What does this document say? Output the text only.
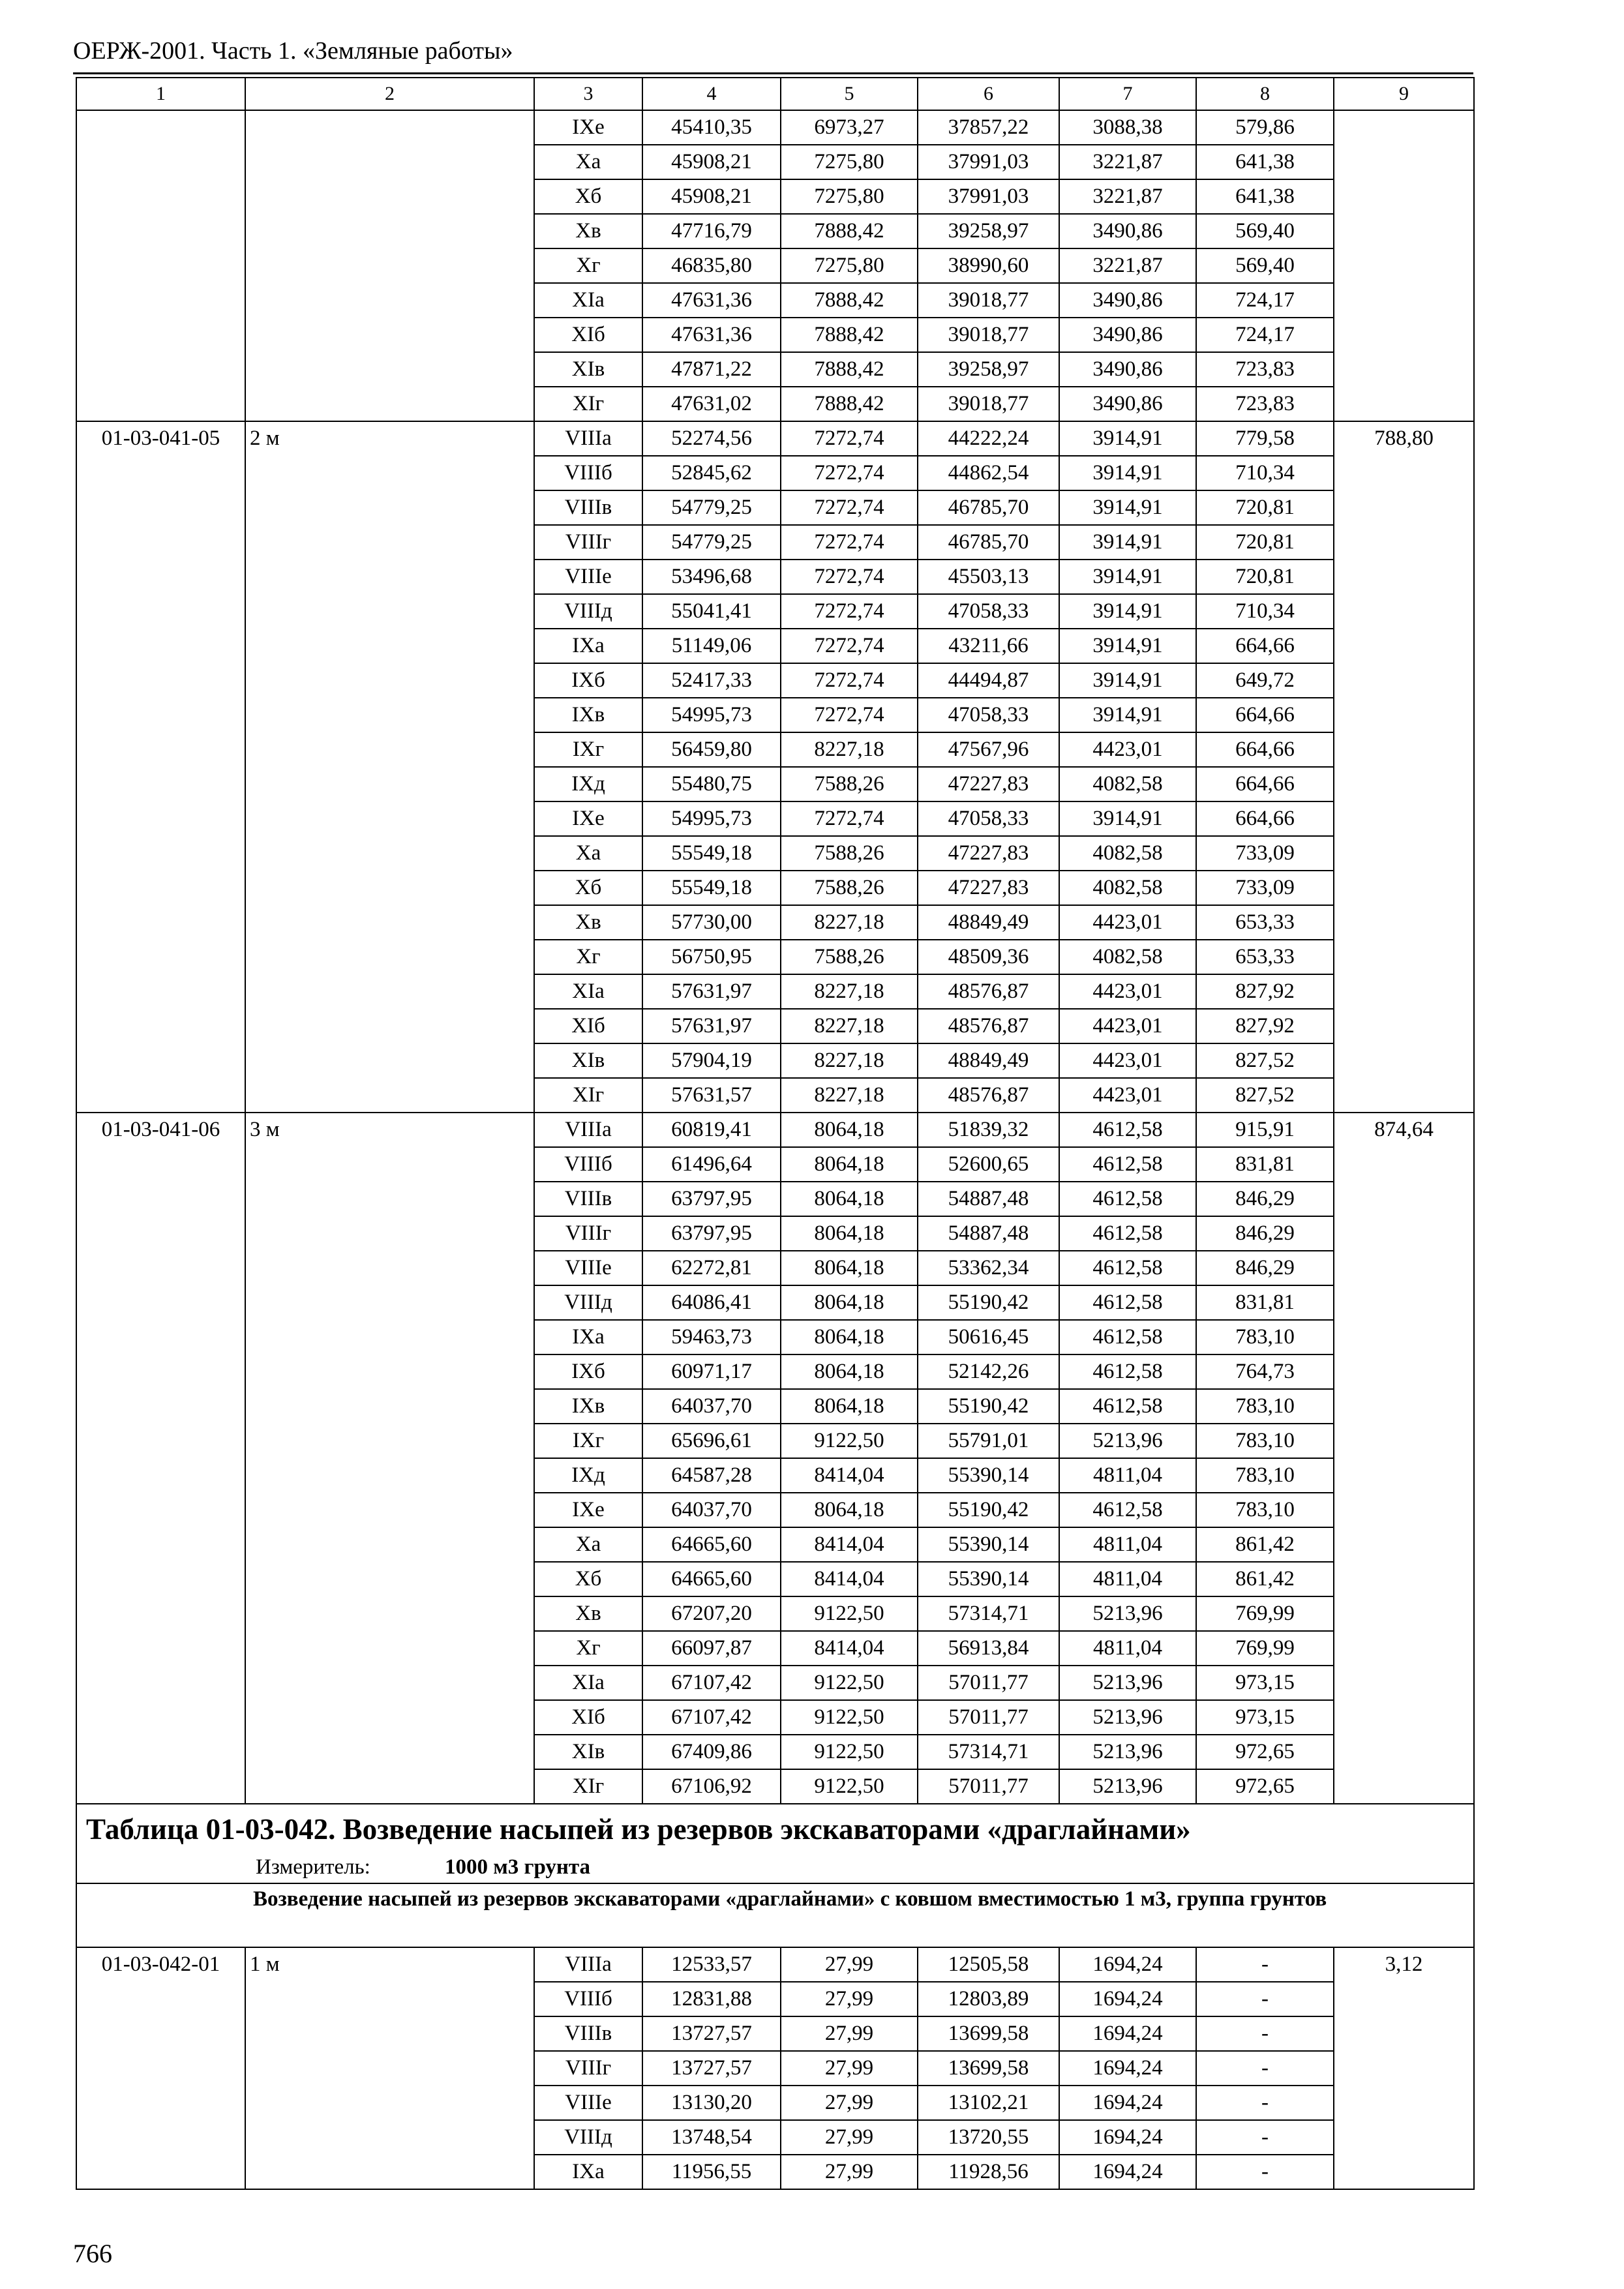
ОЕРЖ-2001. Часть 1. «Земляные работы»
1	2	3	4	5	6	7	8	9
		IXe	45410,35	6973,27	37857,22	3088,38	579,86	
		Xa	45908,21	7275,80	37991,03	3221,87	641,38	
		Xб	45908,21	7275,80	37991,03	3221,87	641,38	
		Xв	47716,79	7888,42	39258,97	3490,86	569,40	
		Xг	46835,80	7275,80	38990,60	3221,87	569,40	
		XIa	47631,36	7888,42	39018,77	3490,86	724,17	
		XIб	47631,36	7888,42	39018,77	3490,86	724,17	
		XIв	47871,22	7888,42	39258,97	3490,86	723,83	
		XIг	47631,02	7888,42	39018,77	3490,86	723,83	
01-03-041-05	2 м	VIIIa	52274,56	7272,74	44222,24	3914,91	779,58	788,80
		VIIIб	52845,62	7272,74	44862,54	3914,91	710,34	
		VIIIв	54779,25	7272,74	46785,70	3914,91	720,81	
		VIIIг	54779,25	7272,74	46785,70	3914,91	720,81	
		VIIIe	53496,68	7272,74	45503,13	3914,91	720,81	
		VIIIд	55041,41	7272,74	47058,33	3914,91	710,34	
		IXa	51149,06	7272,74	43211,66	3914,91	664,66	
		IXб	52417,33	7272,74	44494,87	3914,91	649,72	
		IXв	54995,73	7272,74	47058,33	3914,91	664,66	
		IXг	56459,80	8227,18	47567,96	4423,01	664,66	
		IXд	55480,75	7588,26	47227,83	4082,58	664,66	
		IXe	54995,73	7272,74	47058,33	3914,91	664,66	
		Xa	55549,18	7588,26	47227,83	4082,58	733,09	
		Xб	55549,18	7588,26	47227,83	4082,58	733,09	
		Xв	57730,00	8227,18	48849,49	4423,01	653,33	
		Xг	56750,95	7588,26	48509,36	4082,58	653,33	
		XIa	57631,97	8227,18	48576,87	4423,01	827,92	
		XIб	57631,97	8227,18	48576,87	4423,01	827,92	
		XIв	57904,19	8227,18	48849,49	4423,01	827,52	
		XIг	57631,57	8227,18	48576,87	4423,01	827,52	
01-03-041-06	3 м	VIIIa	60819,41	8064,18	51839,32	4612,58	915,91	874,64
		VIIIб	61496,64	8064,18	52600,65	4612,58	831,81	
		VIIIв	63797,95	8064,18	54887,48	4612,58	846,29	
		VIIIг	63797,95	8064,18	54887,48	4612,58	846,29	
		VIIIe	62272,81	8064,18	53362,34	4612,58	846,29	
		VIIIд	64086,41	8064,18	55190,42	4612,58	831,81	
		IXa	59463,73	8064,18	50616,45	4612,58	783,10	
		IXб	60971,17	8064,18	52142,26	4612,58	764,73	
		IXв	64037,70	8064,18	55190,42	4612,58	783,10	
		IXг	65696,61	9122,50	55791,01	5213,96	783,10	
		IXд	64587,28	8414,04	55390,14	4811,04	783,10	
		IXe	64037,70	8064,18	55190,42	4612,58	783,10	
		Xa	64665,60	8414,04	55390,14	4811,04	861,42	
		Xб	64665,60	8414,04	55390,14	4811,04	861,42	
		Xв	67207,20	9122,50	57314,71	5213,96	769,99	
		Xг	66097,87	8414,04	56913,84	4811,04	769,99	
		XIa	67107,42	9122,50	57011,77	5213,96	973,15	
		XIб	67107,42	9122,50	57011,77	5213,96	973,15	
		XIв	67409,86	9122,50	57314,71	5213,96	972,65	
		XIг	67106,92	9122,50	57011,77	5213,96	972,65	
Таблица 01-03-042. Возведение насыпей из резервов экскаваторами «драглайнами»								
Измеритель: 1000 м3 грунта								
Возведение насыпей из резервов экскаваторами «драглайнами» с ковшом вместимостью 1 м3, группа грунтов								
01-03-042-01	1 м	VIIIa	12533,57	27,99	12505,58	1694,24	-	3,12
		VIIIб	12831,88	27,99	12803,89	1694,24	-	
		VIIIв	13727,57	27,99	13699,58	1694,24	-	
		VIIIг	13727,57	27,99	13699,58	1694,24	-	
		VIIIe	13130,20	27,99	13102,21	1694,24	-	
		VIIIд	13748,54	27,99	13720,55	1694,24	-	
		IXa	11956,55	27,99	11928,56	1694,24	-	
766
